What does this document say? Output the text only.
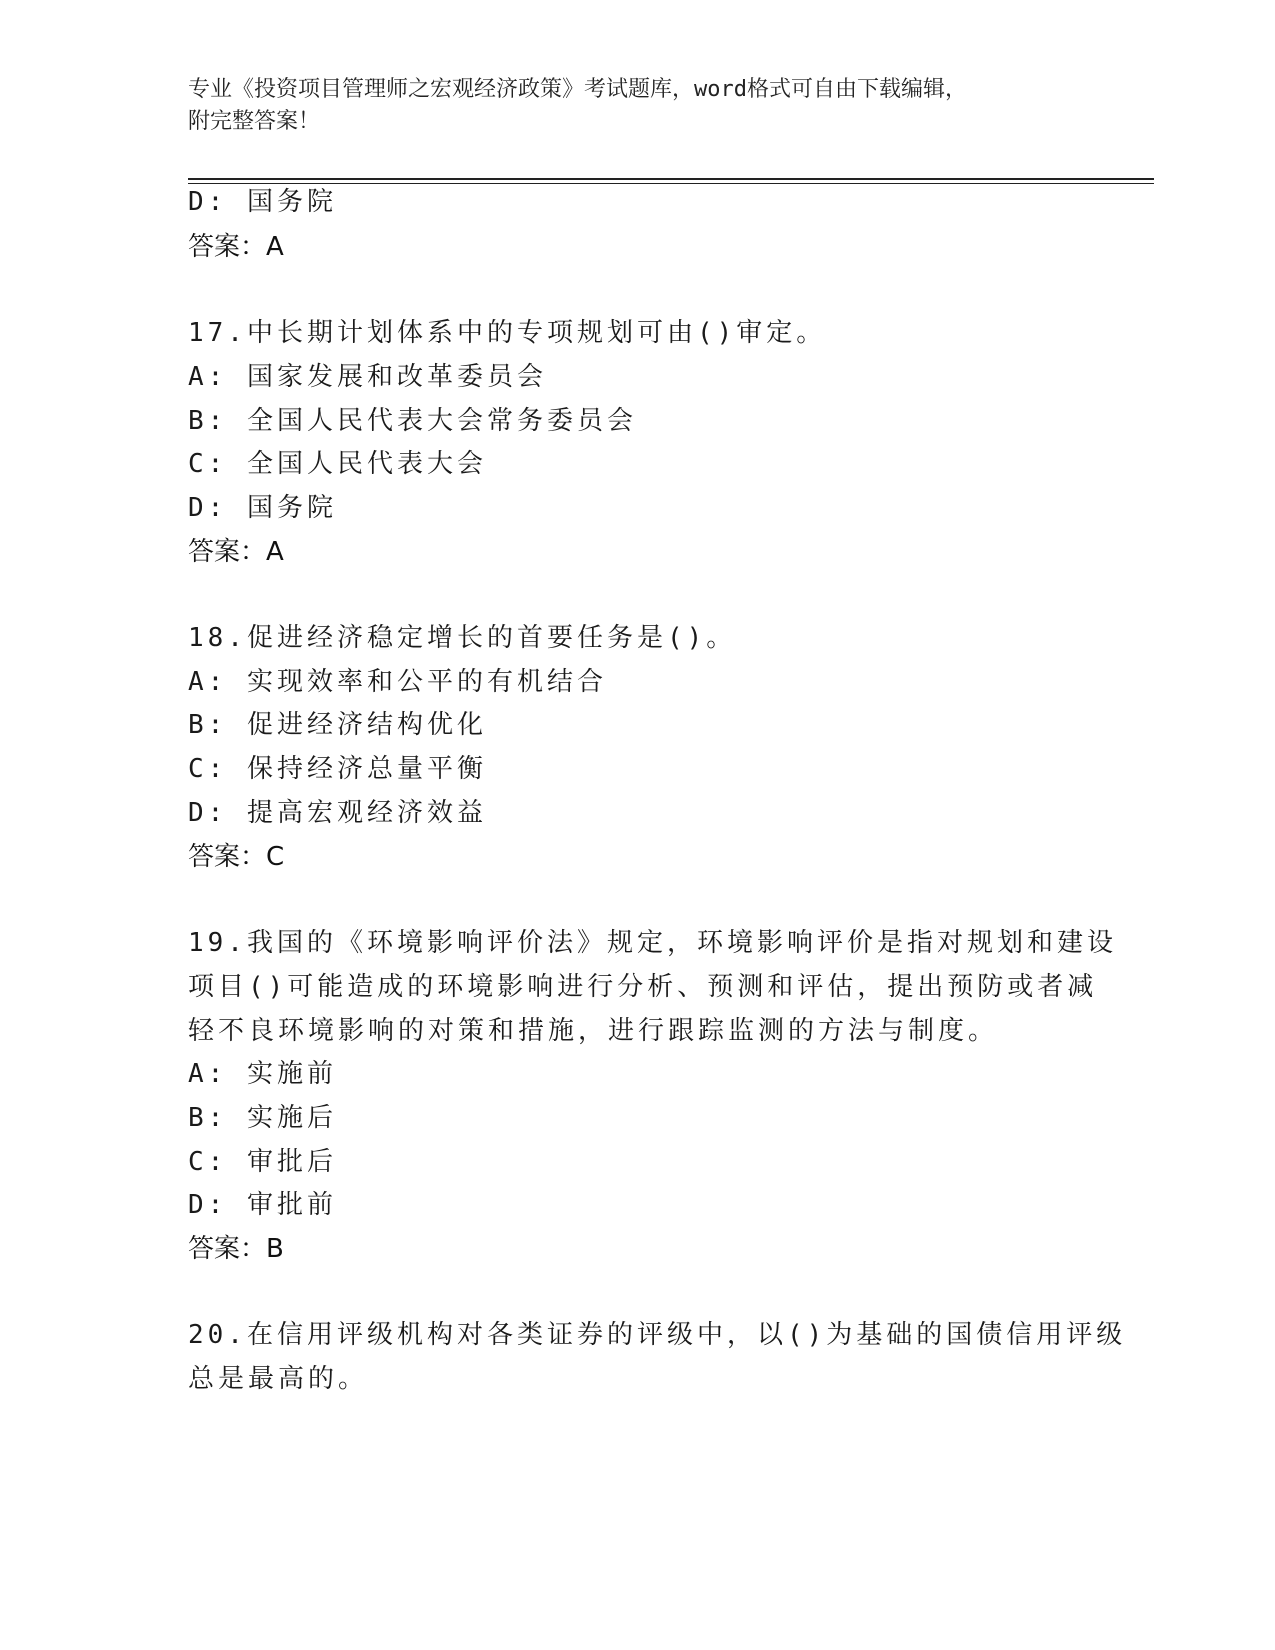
专业《投资项目管理师之宏观经济政策》考试题库，word格式可自由下载编辑，
附完整答案！
D: 国务院
答案：A
17.中长期计划体系中的专项规划可由()审定。
A: 国家发展和改革委员会
B: 全国人民代表大会常务委员会
C: 全国人民代表大会
D: 国务院
答案：A
18.促进经济稳定增长的首要任务是()。
A: 实现效率和公平的有机结合
B: 促进经济结构优化
C: 保持经济总量平衡
D: 提高宏观经济效益
答案：C
19.我国的《环境影响评价法》规定，环境影响评价是指对规划和建设
项目()可能造成的环境影响进行分析、预测和评估，提出预防或者减
轻不良环境影响的对策和措施，进行跟踪监测的方法与制度。
A: 实施前
B: 实施后
C: 审批后
D: 审批前
答案：B
20.在信用评级机构对各类证券的评级中，以()为基础的国债信用评级
总是最高的。
